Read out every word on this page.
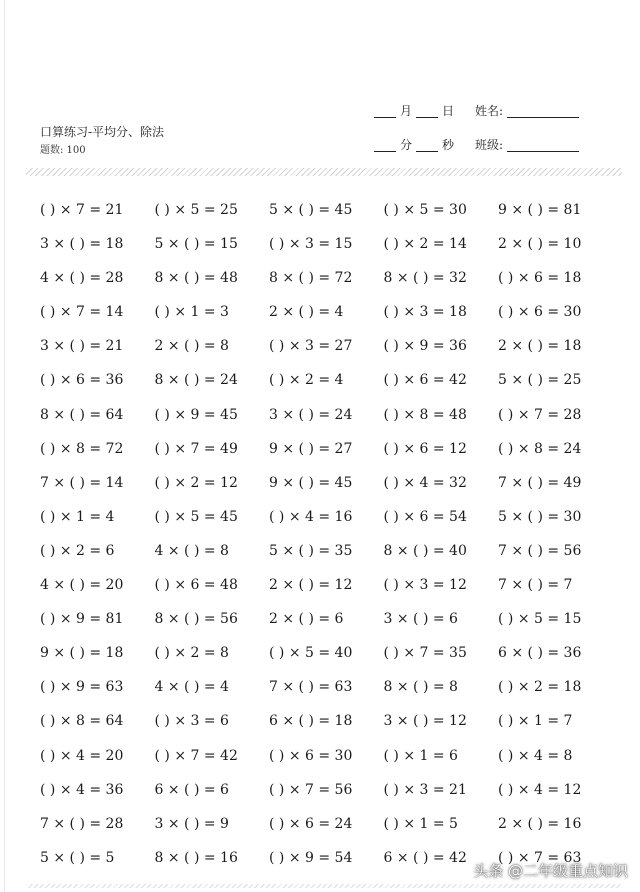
口算练习-平均分、除法
题数: 100
月	日 姓名:
分	秒 班级:
( ) × 7 = 21	( ) × 5 = 25	5 × ( ) = 45	( ) × 5 = 30	9 × ( ) = 81
3 × ( ) = 18	5 × ( ) = 15	( ) × 3 = 15	( ) × 2 = 14	2 × ( ) = 10
4 × ( ) = 28	8 × ( ) = 48	8 × ( ) = 72	8 × ( ) = 32	( ) × 6 = 18
( ) × 7 = 14	( ) × 1 = 3	2 × ( ) = 4	( ) × 3 = 18	( ) × 6 = 30
3 × ( ) = 21	2 × ( ) = 8	( ) × 3 = 27	( ) × 9 = 36	2 × ( ) = 18
( ) × 6 = 36	8 × ( ) = 24	( ) × 2 = 4	( ) × 6 = 42	5 × ( ) = 25
8 × ( ) = 64	( ) × 9 = 45	3 × ( ) = 24	( ) × 8 = 48	( ) × 7 = 28
( ) × 8 = 72	( ) × 7 = 49	9 × ( ) = 27	( ) × 6 = 12	( ) × 8 = 24
7 × ( ) = 14	( ) × 2 = 12	9 × ( ) = 45	( ) × 4 = 32	7 × ( ) = 49
( ) × 1 = 4	( ) × 5 = 45	( ) × 4 = 16	( ) × 6 = 54	5 × ( ) = 30
( ) × 2 = 6	4 × ( ) = 8	5 × ( ) = 35	8 × ( ) = 40	7 × ( ) = 56
4 × ( ) = 20	( ) × 6 = 48	2 × ( ) = 12	( ) × 3 = 12	7 × ( ) = 7
( ) × 9 = 81	8 × ( ) = 56	2 × ( ) = 6	3 × ( ) = 6	( ) × 5 = 15
9 × ( ) = 18	( ) × 2 = 8	( ) × 5 = 40	( ) × 7 = 35	6 × ( ) = 36
( ) × 9 = 63	4 × ( ) = 4	7 × ( ) = 63	8 × ( ) = 8	( ) × 2 = 18
( ) × 8 = 64	( ) × 3 = 6	6 × ( ) = 18	3 × ( ) = 12	( ) × 1 = 7
( ) × 4 = 20	( ) × 7 = 42	( ) × 6 = 30	( ) × 1 = 6	( ) × 4 = 8
( ) × 4 = 36	6 × ( ) = 6	( ) × 7 = 56	( ) × 3 = 21	( ) × 4 = 12
7 × ( ) = 28	3 × ( ) = 9	( ) × 6 = 24	( ) × 1 = 5	2 × ( ) = 16
5 × ( ) = 5	8 × ( ) = 16	( ) × 9 = 54	6 × ( ) = 42	( ) × 7 = 63
头条 @二年级重点知识
